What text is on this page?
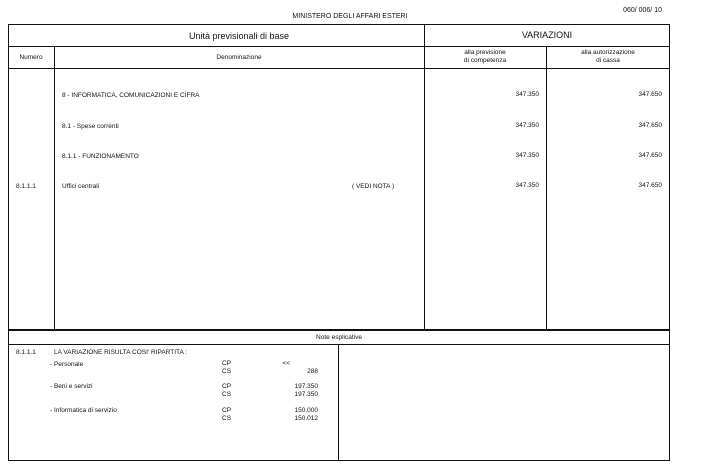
MINISTERO DEGLI AFFARI ESTERI
060/ 006/ 10
Unità previsionali di base	VARIAZIONI
Numero	Denominazione
alla previsione
di competenza
alla autorizzazione
di cassa
8 - INFORMATICA, COMUNICAZIONI E CIFRA	347.350	347.650
8.1 - Spese correnti	347.350	347.650
8.1.1 - FUNZIONAMENTO	347.350	347.650
8.1.1.1	Uffici centrali	( VEDI NOTA )	347.350	347.650
Note esplicative
8.1.1.1	LA VARIAZIONE RISULTA COSI' RIPARTITA :
- Personale	CP	<<
CS	288
- Beni e servizi	CP	197.350
CS	197.350
- Informatica di servizio	CP	150.000
CS	150.012
